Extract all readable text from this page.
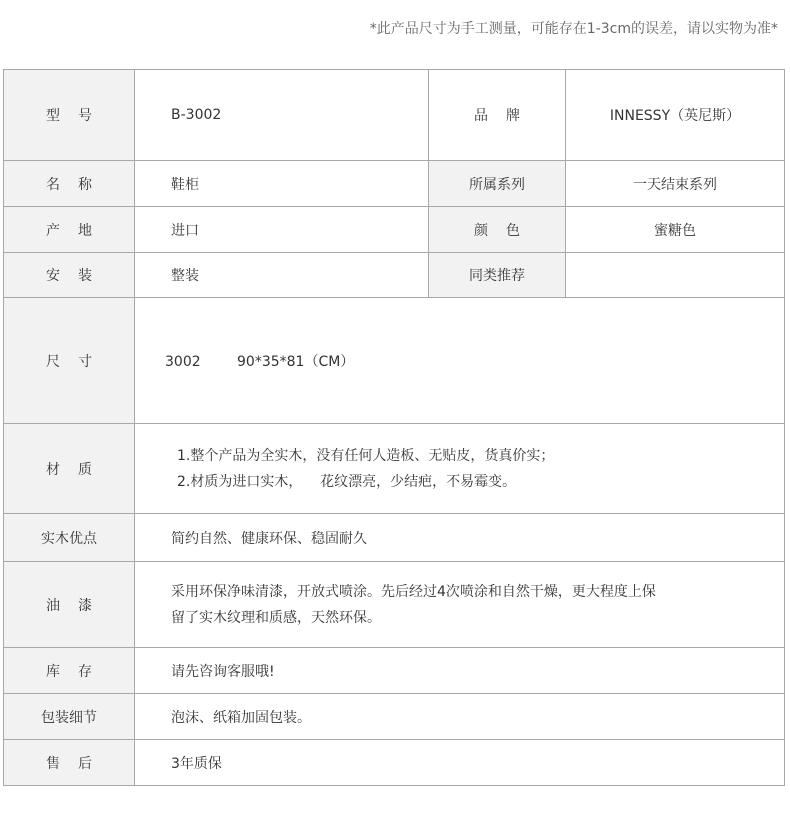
*此产品尺寸为手工测量，可能存在1-3cm的误差，请以实物为准*
型号	B-3002	品牌	INNESSY（英尼斯）
名称	鞋柜	所属系列	一天结束系列
产地	进口	颜色	蜜糖色
安装	整装	同类推荐	
尺寸	3002 90*35*81（CM）		
材质	1.整个产品为全实木，没有任何人造板、无贴皮，货真价实；
2.材质为进口实木，    花纹漂亮，少结疤，不易霉变。		

实木优点	简约自然、健康环保、稳固耐久		
油漆	采用环保净味清漆，开放式喷涂。先后经过4次喷涂和自然干燥，更大程度上保
留了实木纹理和质感，天然环保。		

库存	请先咨询客服哦!		
包装细节	泡沫、纸箱加固包装。		
售后	3年质保		
